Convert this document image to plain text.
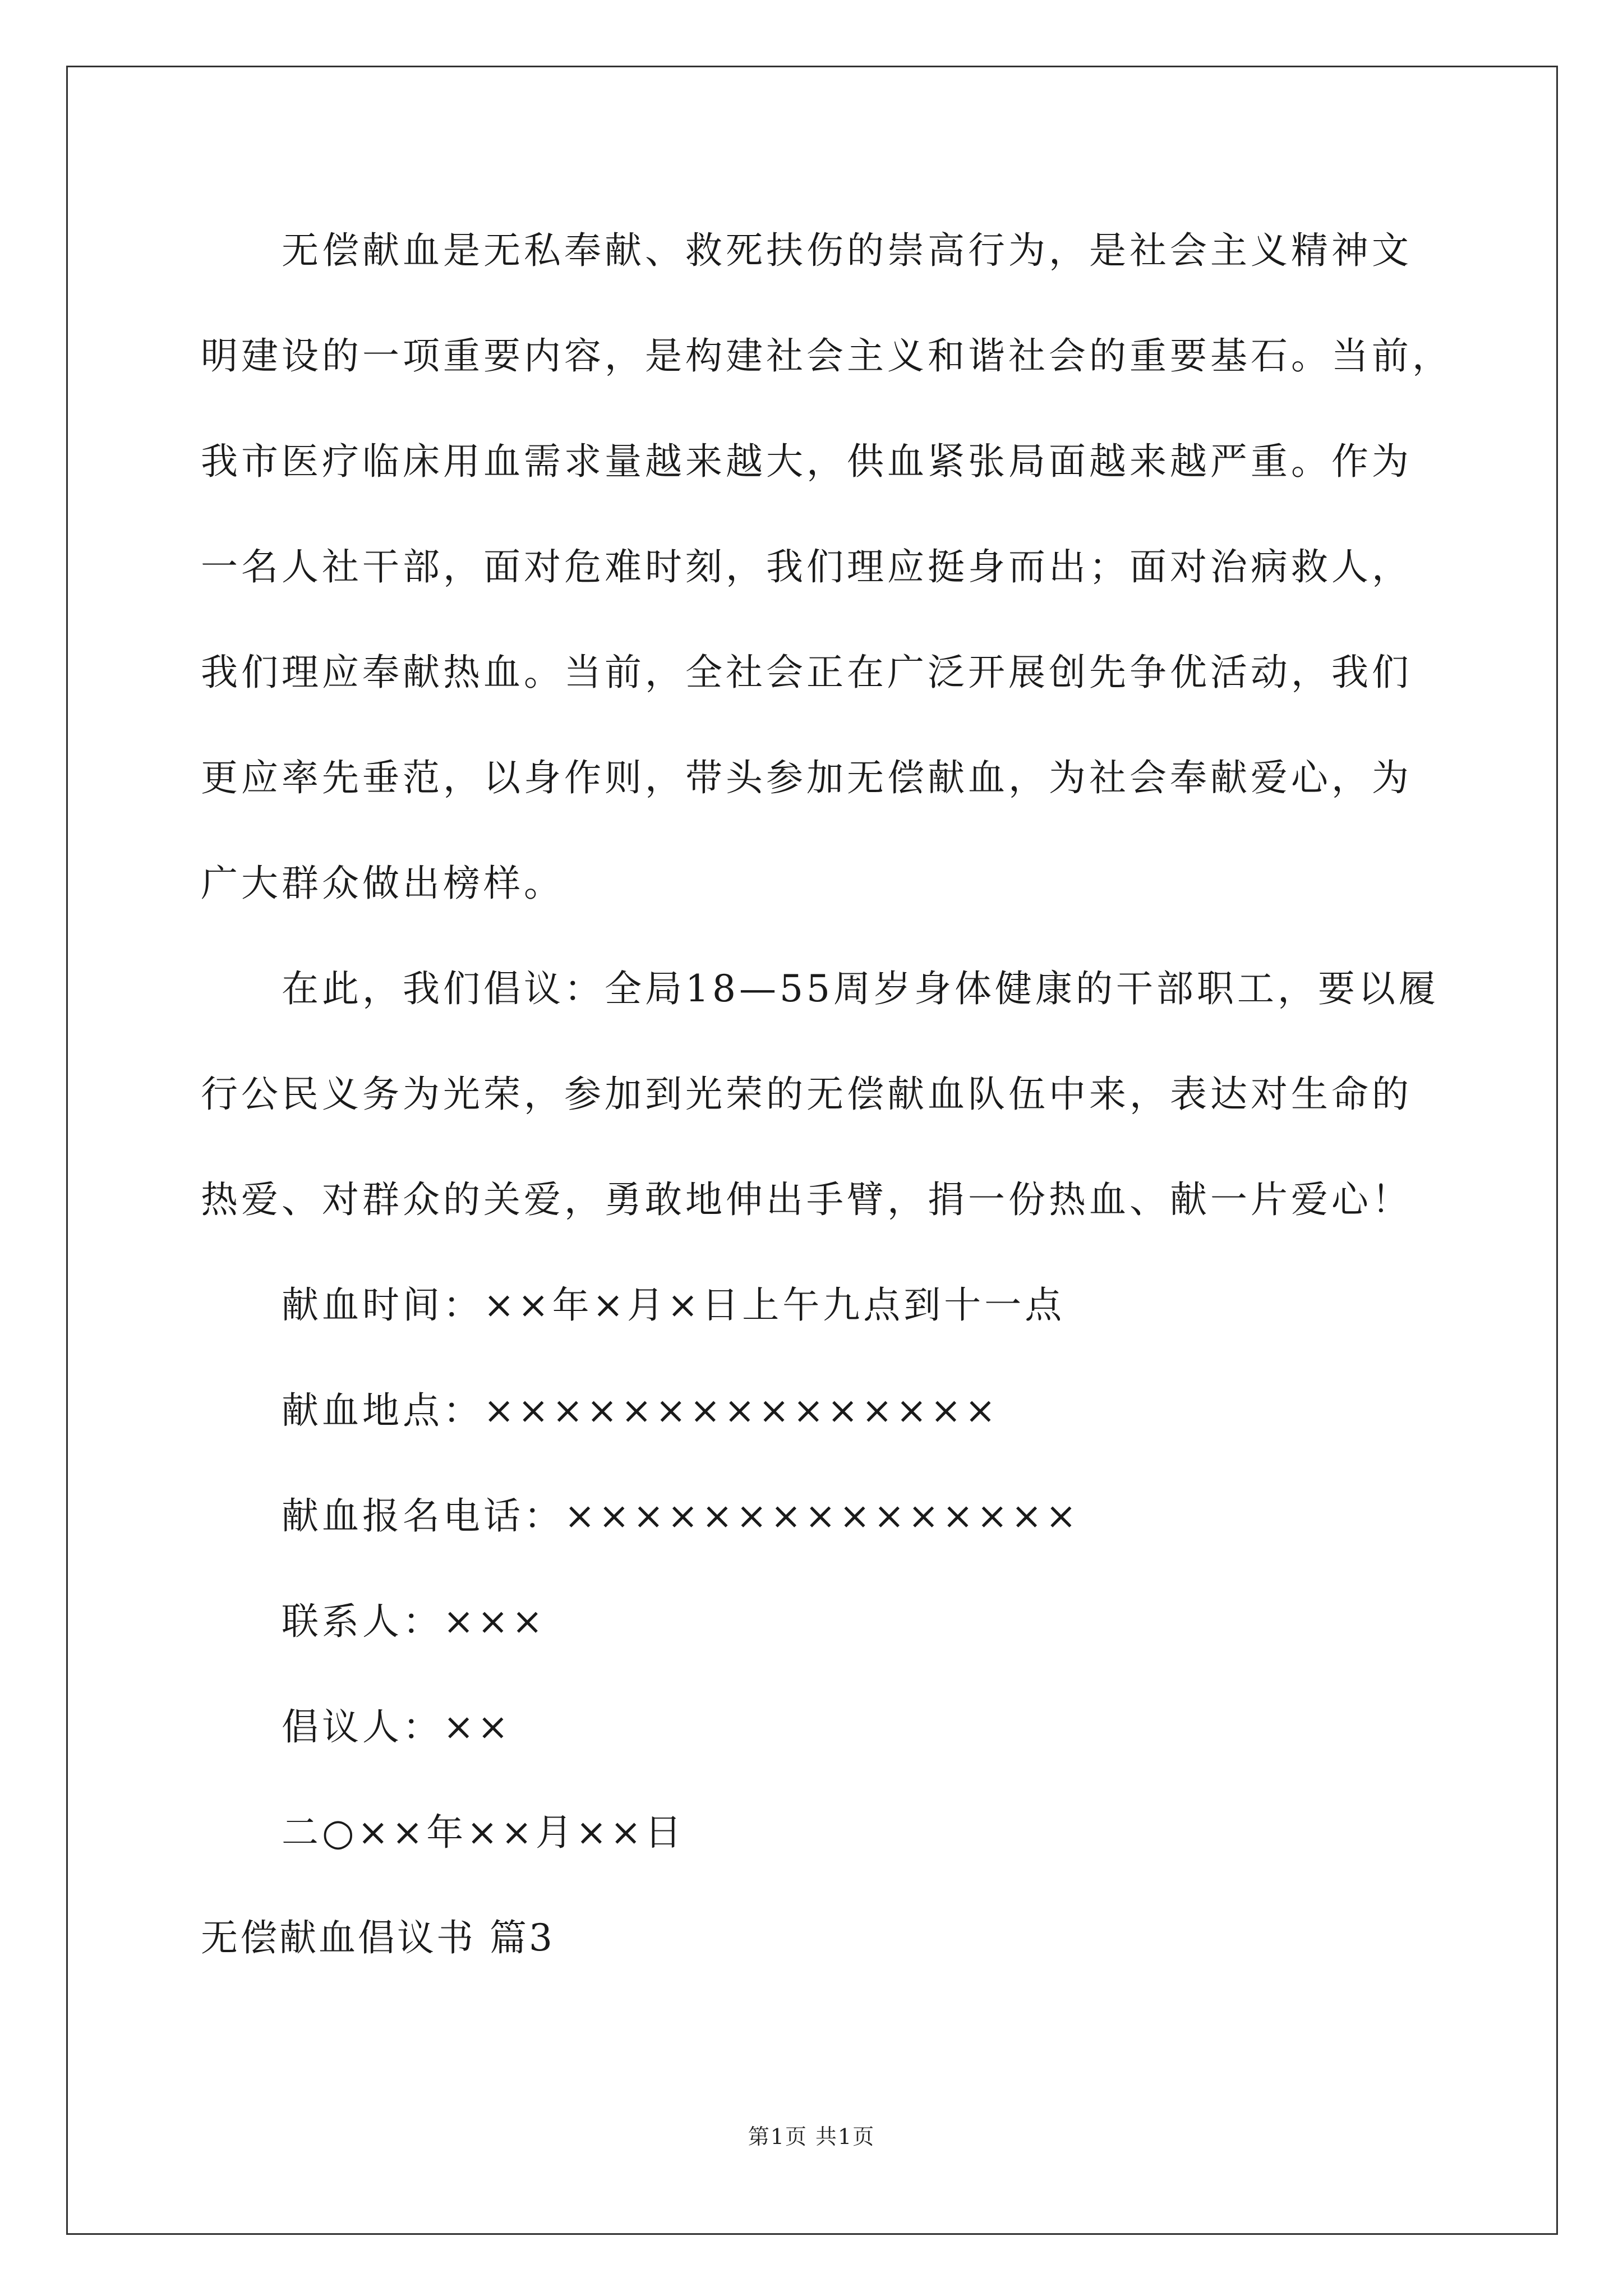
无偿献血是无私奉献、救死扶伤的崇高行为，是社会主义精神文
明建设的一项重要内容，是构建社会主义和谐社会的重要基石。当前，
我市医疗临床用血需求量越来越大，供血紧张局面越来越严重。作为
一名人社干部，面对危难时刻，我们理应挺身而出；面对治病救人，
我们理应奉献热血。当前，全社会正在广泛开展创先争优活动，我们
更应率先垂范，以身作则，带头参加无偿献血，为社会奉献爱心，为
广大群众做出榜样。
在此，我们倡议：全局18—55周岁身体健康的干部职工，要以履
行公民义务为光荣，参加到光荣的无偿献血队伍中来，表达对生命的
热爱、对群众的关爱，勇敢地伸出手臂，捐一份热血、献一片爱心！
献血时间：××年×月×日上午九点到十一点
献血地点：×××××××××××××××
献血报名电话：×××××××××××××××
联系人：×××
倡议人：××
二○××年××月××日
无偿献血倡议书 篇3
第1页 共1页
